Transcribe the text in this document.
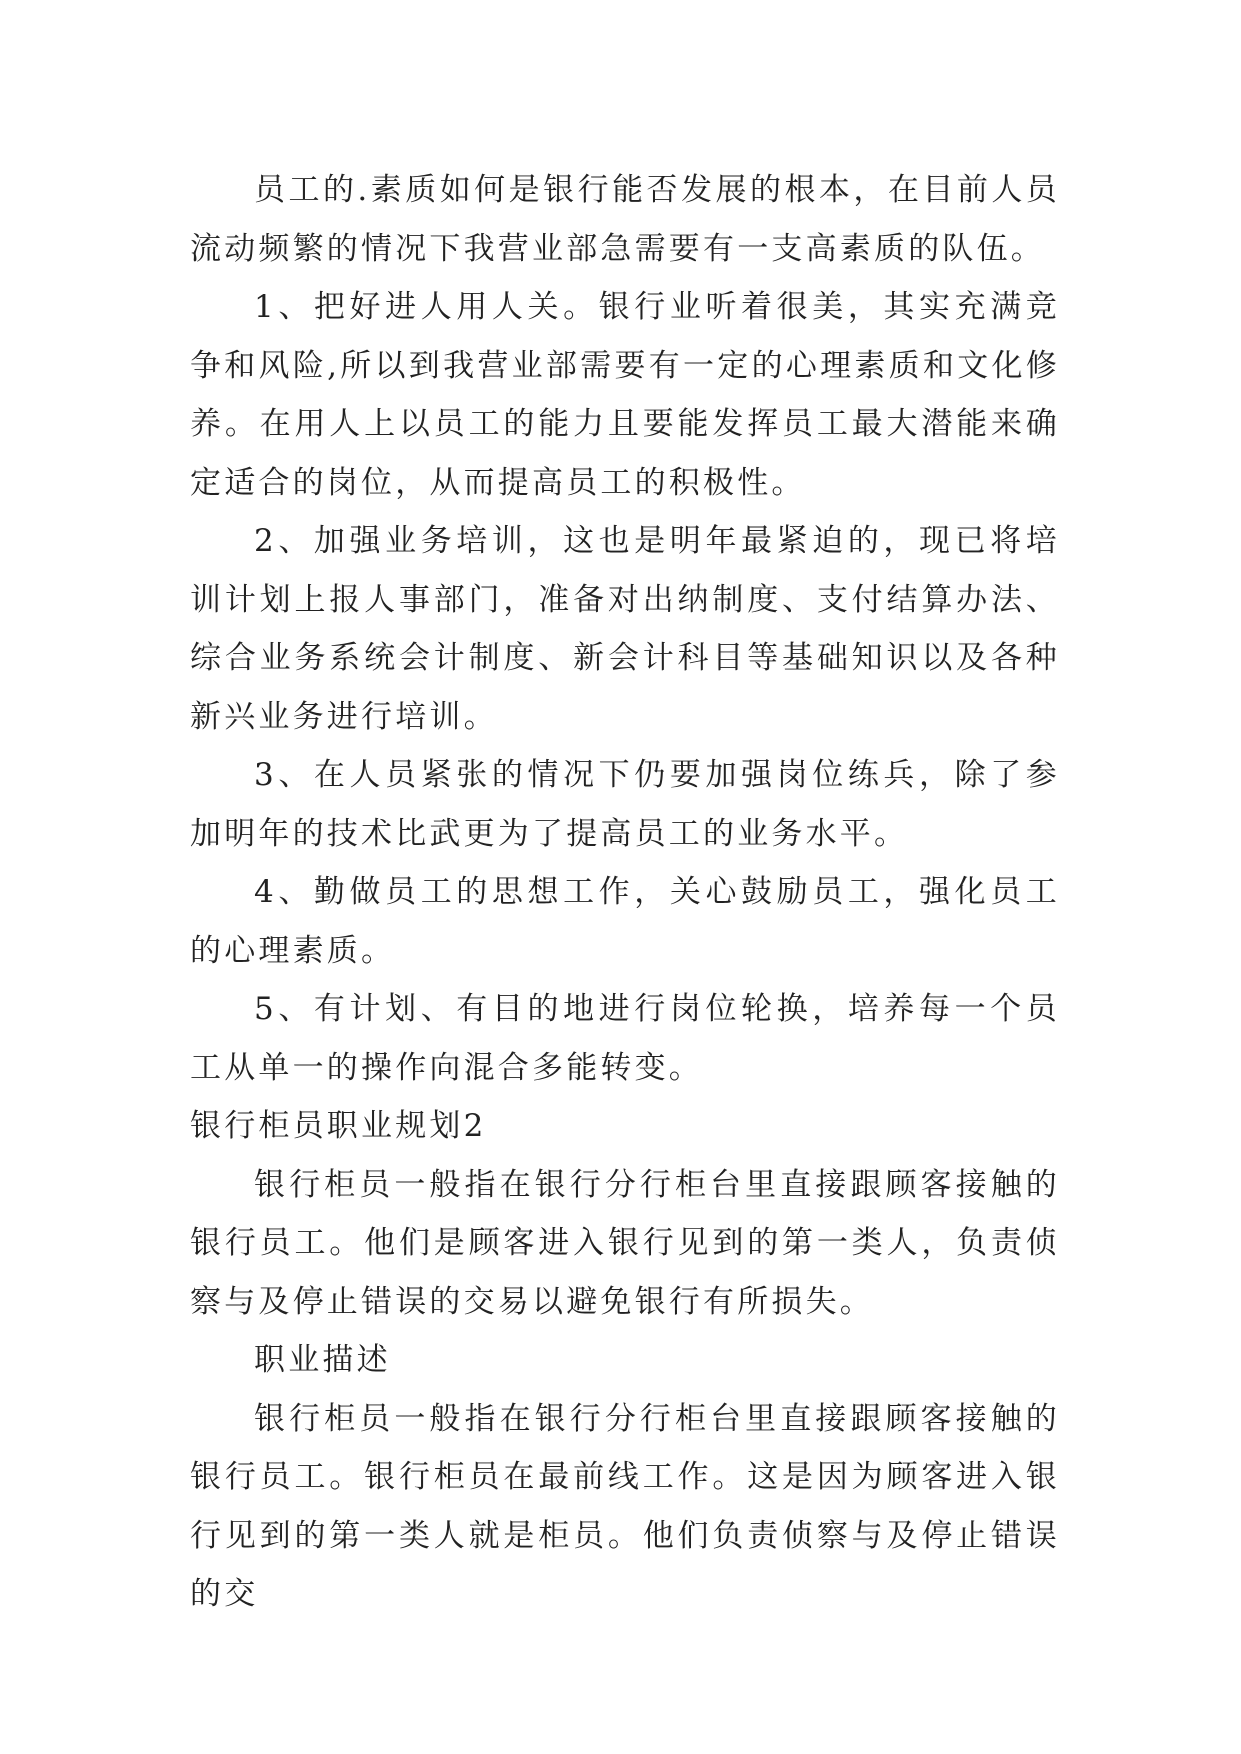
员工的.素质如何是银行能否发展的根本，在目前人员流动频繁的情况下我营业部急需要有一支高素质的队伍。

1、把好进人用人关。银行业听着很美，其实充满竞争和风险,所以到我营业部需要有一定的心理素质和文化修养。在用人上以员工的能力且要能发挥员工最大潜能来确定适合的岗位，从而提高员工的积极性。

2、加强业务培训，这也是明年最紧迫的，现已将培训计划上报人事部门，准备对出纳制度、支付结算办法、综合业务系统会计制度、新会计科目等基础知识以及各种新兴业务进行培训。

3、在人员紧张的情况下仍要加强岗位练兵，除了参加明年的技术比武更为了提高员工的业务水平。

4、勤做员工的思想工作，关心鼓励员工，强化员工的心理素质。

5、有计划、有目的地进行岗位轮换，培养每一个员工从单一的操作向混合多能转变。

银行柜员职业规划2

银行柜员一般指在银行分行柜台里直接跟顾客接触的银行员工。他们是顾客进入银行见到的第一类人，负责侦察与及停止错误的交易以避免银行有所损失。

职业描述

银行柜员一般指在银行分行柜台里直接跟顾客接触的银行员工。银行柜员在最前线工作。这是因为顾客进入银行见到的第一类人就是柜员。他们负责侦察与及停止错误的交
